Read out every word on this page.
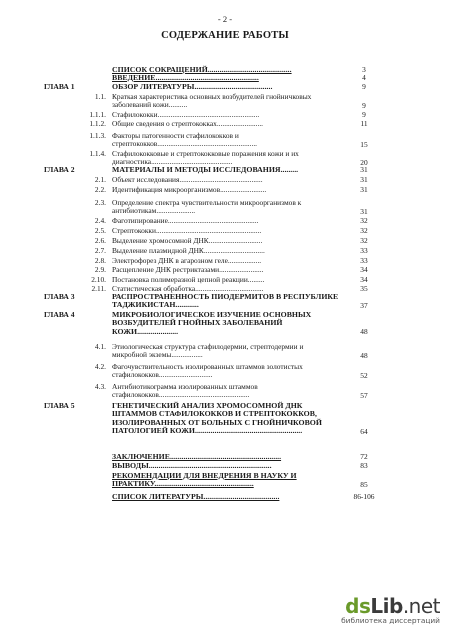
- 2 -
СОДЕРЖАНИЕ РАБОТЫ
СПИСОК СОКРАЩЕНИЙ...........................................	3
ВВЕДЕНИЕ.....................................................	4
ГЛАВА 1	ОБЗОР ЛИТЕРАТУРЫ........................................	9
1.1. Краткая характеристика основных возбудителей гнойничковых заболеваний кожи..........	9
1.1.1. Стафилококки.......................................................	9
1.1.2. Общие сведения о стрептококках.........................	11
1.1.3. Факторы патогенности стафилококков и стрептококков......................................................	15
1.1.4. Стафилококковые и стрептококковые поражения кожи и их диагностика............................................	20
ГЛАВА 2	МАТЕРИАЛЫ И МЕТОДЫ ИССЛЕДОВАНИЯ.........	31
2.1. Объект исследования.............................................	31
2.2. Идентификация микроорганизмов.........................	31
2.3. Определение спектра чувствительности микроорганизмов к антибиотикам.....................	31
2.4. Фаготипирование.................................................	32
2.5. Стрептококки.........................................................	32
2.6. Выделение хромосомной ДНК.............................	32
2.7. Выделение плазмидной ДНК.................................	33
2.8. Электрофорез ДНК в агарозном геле..................	33
2.9. Расщепление ДНК рестриктазами........................	34
2.10. Постановка полимеразной цепной реакции.........	34
2.11. Статистическая обработка.....................................	35
ГЛАВА 3	РАСПРОСТРАНЕННОСТЬ ПИОДЕРМИТОВ В РЕСПУБЛИКЕ ТАДЖИКИСТАН............	37
ГЛАВА 4	МИКРОБИОЛОГИЧЕСКОЕ ИЗУЧЕНИЕ ОСНОВНЫХ ВОЗБУДИТЕЛЕЙ ГНОЙНЫХ ЗАБОЛЕВАНИЙ КОЖИ.....................	48
4.1. Этиологическая структура стафилодермии, стрептодермии и микробной экземы.................	48
4.2. Фагочувствительность изолированных штаммов золотистых стафилококков.............................	52
4.3. Антибиотикограмма изолированных штаммов стафилококков.................................................	57
ГЛАВА 5	ГЕНЕТИЧЕСКИЙ АНАЛИЗ ХРОМОСОМНОЙ ДНК ШТАММОВ СТАФИЛОКОККОВ И СТРЕПТОКОККОВ, ИЗОЛИРОВАННЫХ ОТ БОЛЬНЫХ С ГНОЙНИЧКОВОЙ ПАТОЛОГИЕЙ КОЖИ.......................................................	64
ЗАКЛЮЧЕНИЕ.........................................................	72
ВЫВОДЫ...............................................................	83
РЕКОМЕНДАЦИИ ДЛЯ ВНЕДРЕНИЯ В НАУКУ И ПРАКТИКУ...................................................	85
СПИСОК ЛИТЕРАТУРЫ.......................................	86-106
dsLib.net
библиотека диссертаций
